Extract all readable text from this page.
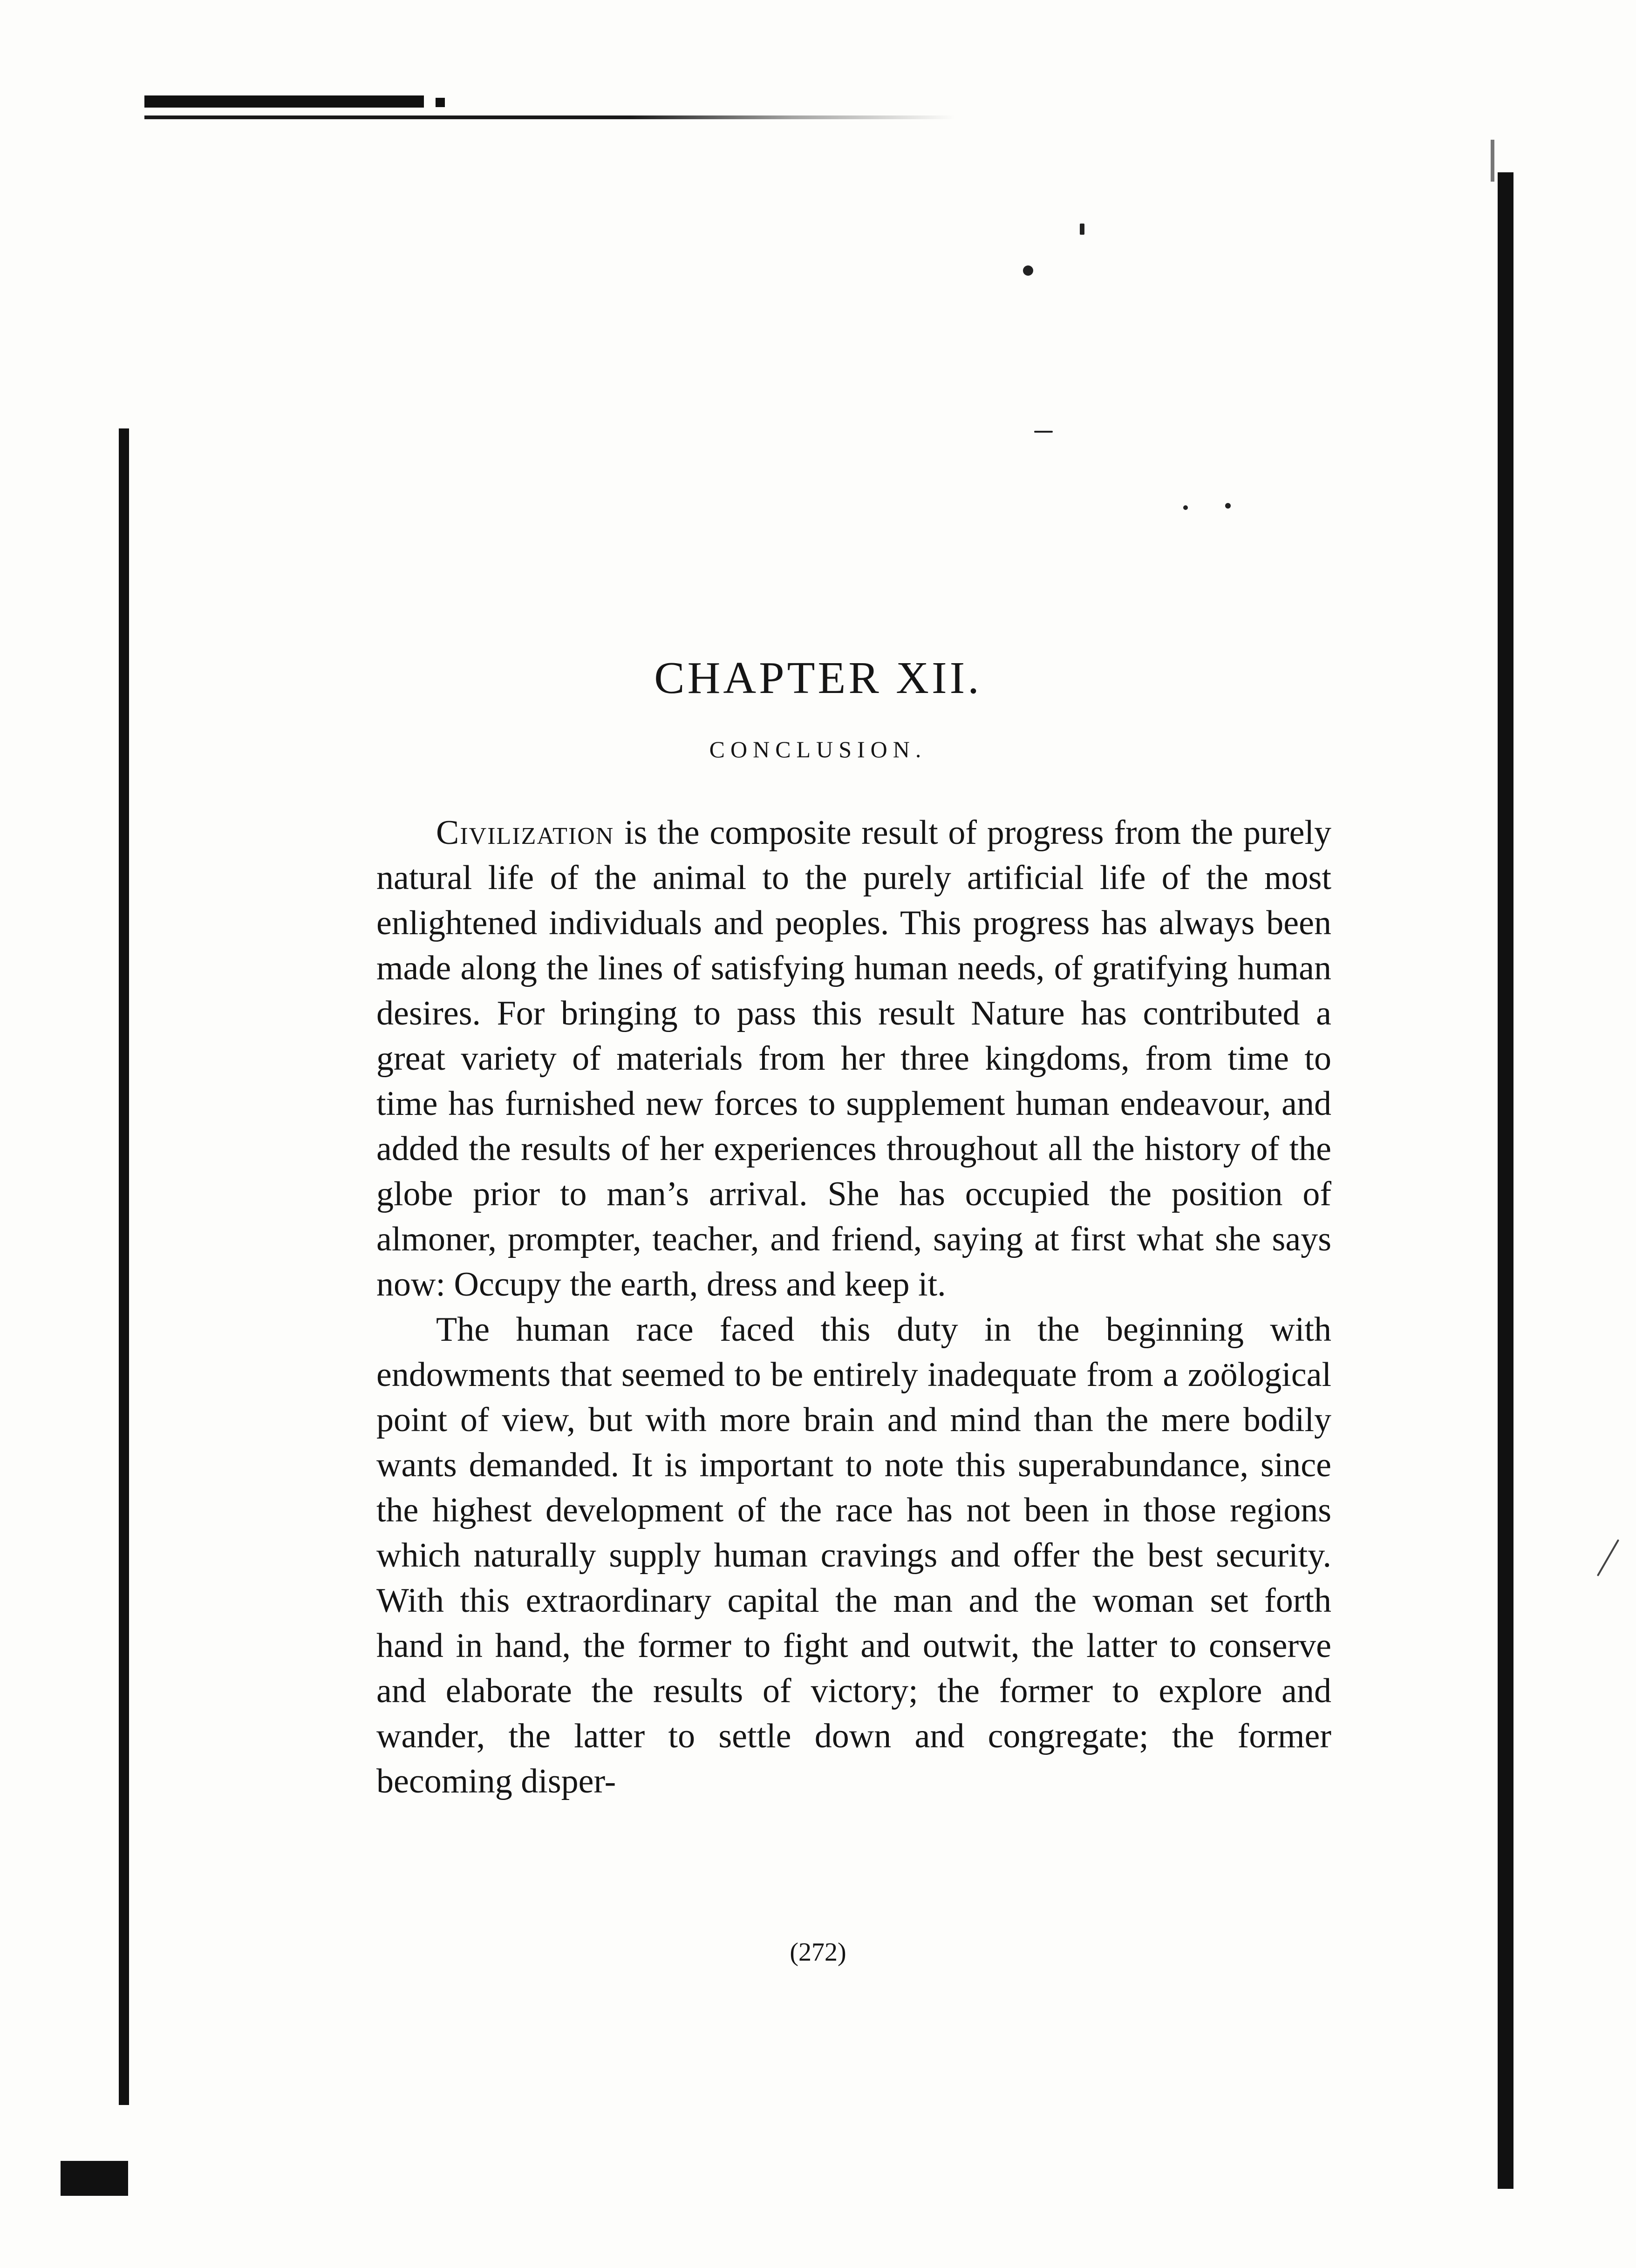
CHAPTER XII.
CONCLUSION.

Civilization is the composite result of progress from the purely natural life of the animal to the purely artificial life of the most enlightened individuals and peoples. This progress has always been made along the lines of satisfying human needs, of gratifying human desires. For bringing to pass this result Nature has contributed a great variety of materials from her three kingdoms, from time to time has furnished new forces to supplement human endeavour, and added the results of her experiences throughout all the history of the globe prior to man’s arrival. She has occupied the position of almoner, prompter, teacher, and friend, saying at first what she says now: Occupy the earth, dress and keep it.

The human race faced this duty in the beginning with endowments that seemed to be entirely inadequate from a zoölogical point of view, but with more brain and mind than the mere bodily wants demanded. It is important to note this superabundance, since the highest development of the race has not been in those regions which naturally supply human cravings and offer the best security. With this extraordinary capital the man and the woman set forth hand in hand, the former to fight and outwit, the latter to conserve and elaborate the results of victory; the former to explore and wander, the latter to settle down and congregate; the former becoming disper-

(272)
